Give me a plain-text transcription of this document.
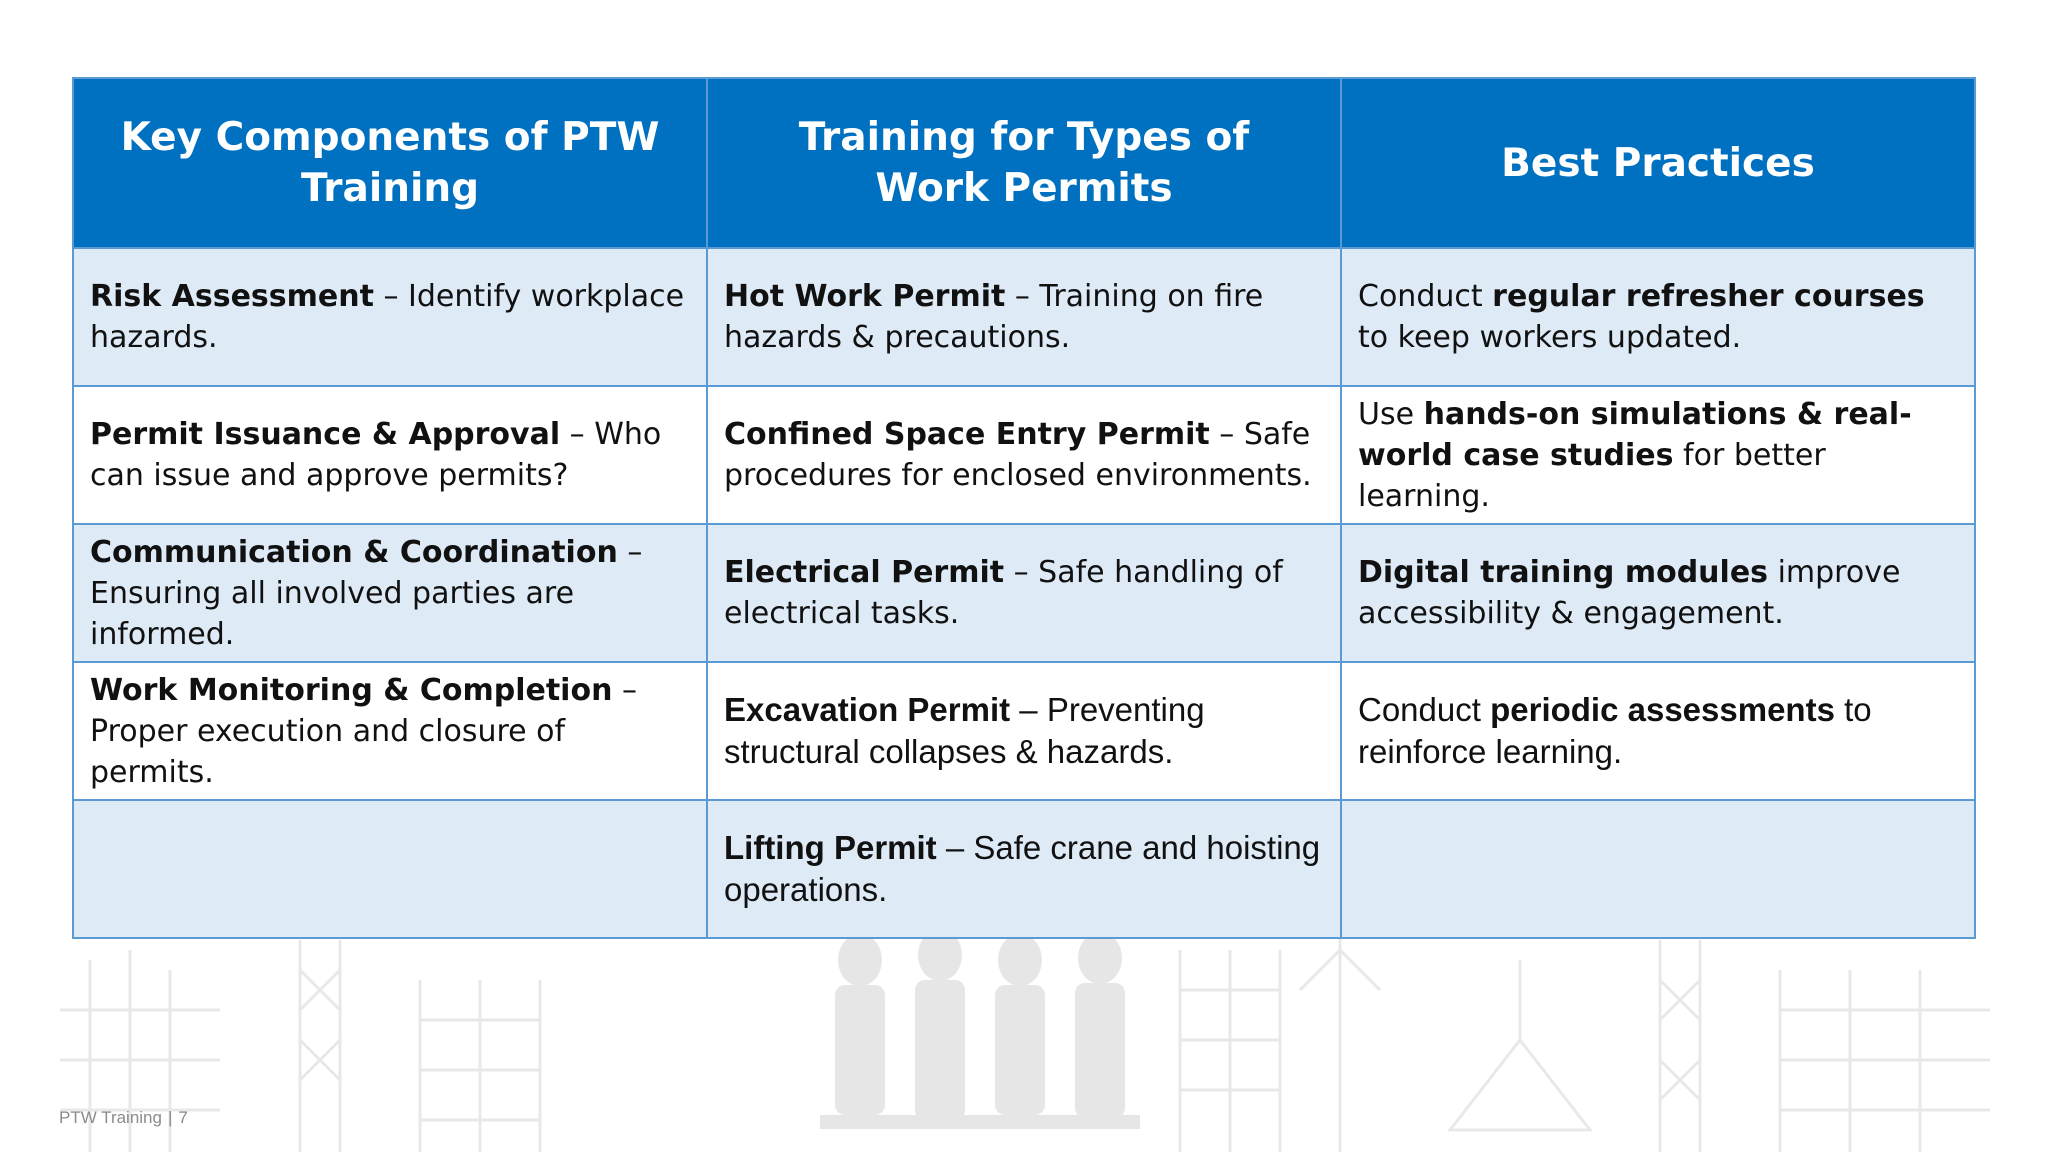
Key Components of PTW Training	Training for Types of Work Permits	Best Practices

Risk Assessment – Identify workplace hazards.	Hot Work Permit – Training on fire hazards & precautions.	Conduct regular refresher courses to keep workers updated.

Permit Issuance & Approval – Who can issue and approve permits?	Confined Space Entry Permit – Safe procedures for enclosed environments.	Use hands-on simulations & real-world case studies for better learning.

Communication & Coordination – Ensuring all involved parties are informed.	Electrical Permit – Safe handling of electrical tasks.	Digital training modules improve accessibility & engagement.

Work Monitoring & Completion – Proper execution and closure of permits.	Excavation Permit – Preventing structural collapses & hazards.	Conduct periodic assessments to reinforce learning.

	Lifting Permit – Safe crane and hoisting operations.	

PTW Training | 7
